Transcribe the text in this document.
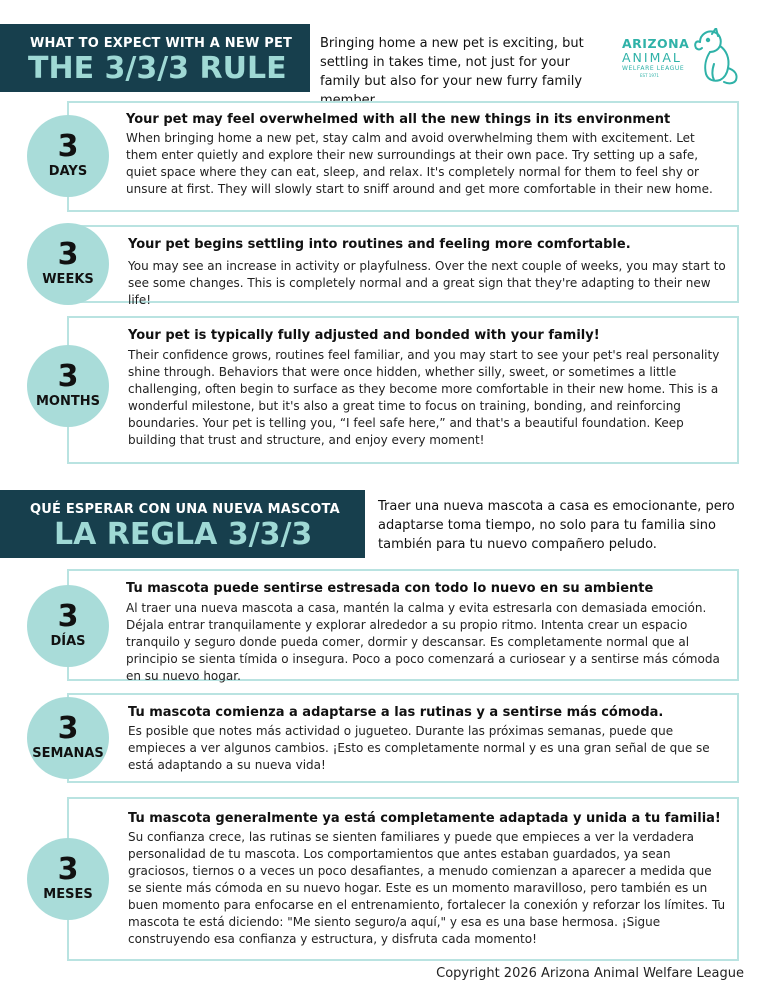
WHAT TO EXPECT WITH A NEW PET
THE 3/3/3 RULE
Bringing home a new pet is exciting, but settling in takes time, not just for your family but also for your new furry family
ARIZONA
ANIMAL
WELFARE LEAGUE
EST 1971
3
DAYS
Your pet may feel overwhelmed with all the new things in its environment
When bringing home a new pet, stay calm and avoid overwhelming them with excitement. Let them enter quietly and explore their new surroundings at their own pace. Try setting up a safe, quiet space where they can eat, sleep, and relax. It's completely normal for them to feel shy or unsure at first. They will slowly start to sniff around and get more comfortable in their new home.
3
WEEKS
Your pet begins settling into routines and feeling more comfortable.
You may see an increase in activity or playfulness. Over the next couple of weeks, you may start to see some changes. This is completely normal and a great sign that they're adapting to their new life!
3
MONTHS
Your pet is typically fully adjusted and bonded with your family!
Their confidence grows, routines feel familiar, and you may start to see your pet's real personality shine through. Behaviors that were once hidden, whether silly, sweet, or sometimes a little challenging, often begin to surface as they become more comfortable in their new home. This is a wonderful milestone, but it's also a great time to focus on training, bonding, and reinforcing boundaries. Your pet is telling you, “I feel safe here,” and that's a beautiful foundation. Keep building that trust and structure, and enjoy every moment!
QUÉ ESPERAR CON UNA NUEVA MASCOTA
LA REGLA 3/3/3
Traer una nueva mascota a casa es emocionante, pero adaptarse toma tiempo, no solo para tu familia sino también para tu nuevo compañero peludo.
3
DÍAS
Tu mascota puede sentirse estresada con todo lo nuevo en su ambiente
Al traer una nueva mascota a casa, mantén la calma y evita estresarla con demasiada emoción. Déjala entrar tranquilamente y explorar alrededor a su propio ritmo. Intenta crear un espacio tranquilo y seguro donde pueda comer, dormir y descansar. Es completamente normal que al principio se sienta tímida o insegura. Poco a poco comenzará a curiosear y a sentirse más cómoda en su nuevo hogar.
3
SEMANAS
Tu mascota comienza a adaptarse a las rutinas y a sentirse más cómoda.
Es posible que notes más actividad o jugueteo. Durante las próximas semanas, puede que empieces a ver algunos cambios. ¡Esto es completamente normal y es una gran señal de que se está adaptando a su nueva vida!
3
MESES
Tu mascota generalmente ya está completamente adaptada y unida a tu familia!
Su confianza crece, las rutinas se sienten familiares y puede que empieces a ver la verdadera personalidad de tu mascota. Los comportamientos que antes estaban guardados, ya sean graciosos, tiernos o a veces un poco desafiantes, a menudo comienzan a aparecer a medida que se siente más cómoda en su nuevo hogar. Este es un momento maravilloso, pero también es un buen momento para enfocarse en el entrenamiento, fortalecer la conexión y reforzar los límites. Tu mascota te está diciendo: "Me siento seguro/a aquí," y esa es una base hermosa. ¡Sigue construyendo esa confianza y estructura, y disfruta cada momento!
Copyright 2026 Arizona Animal Welfare League
